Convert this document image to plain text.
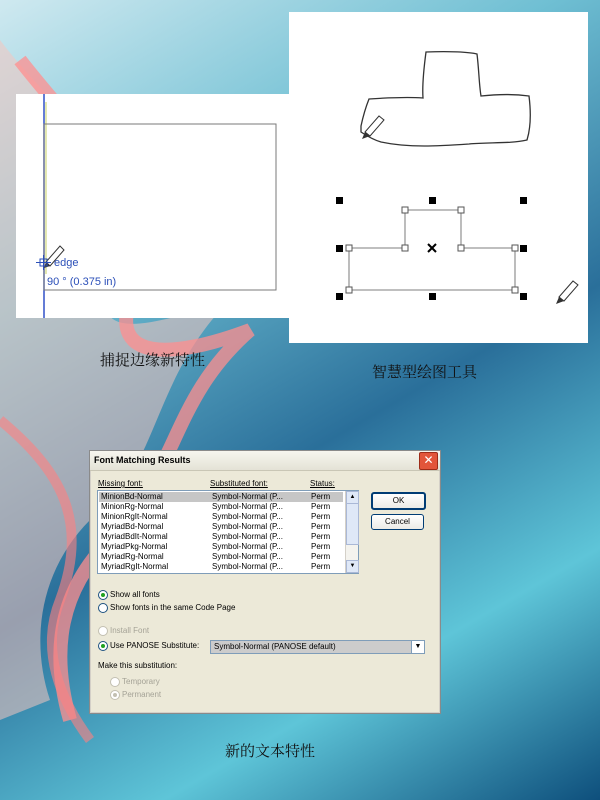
edge
90 ° (0.375 in)
捕捉边缘新特性
智慧型绘图工具
新的文本特性
Font Matching Results	✕
Missing font:	Substituted font:	Status:
MinionBd-Normal	Symbol-Normal (P...	Perm
MinionRg-Normal	Symbol-Normal (P...	Perm
MinionRgIt-Normal	Symbol-Normal (P...	Perm
MyriadBd-Normal	Symbol-Normal (P...	Perm
MyriadBdIt-Normal	Symbol-Normal (P...	Perm
MyriadPkg-Normal	Symbol-Normal (P...	Perm
MyriadRg-Normal	Symbol-Normal (P...	Perm
MyriadRgIt-Normal	Symbol-Normal (P...	Perm
▲
▼
OK
Cancel
Show all fonts
Show fonts in the same Code Page
Install Font
Use PANOSE Substitute: Symbol-Normal (PANOSE default)	▼
Make this substitution:
Temporary
Permanent
